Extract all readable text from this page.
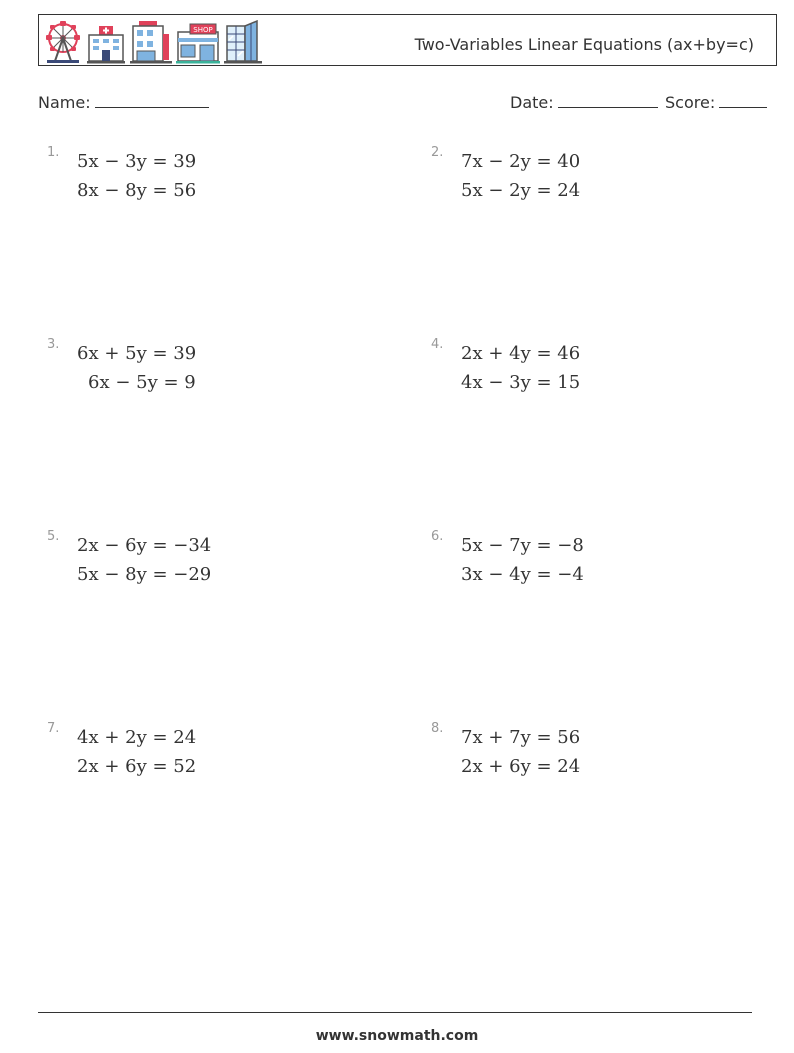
SHOP
Two-Variables Linear Equations (ax+by=c)
Name:	Date:	Score:
1. 5x − 3y = 39
8x − 8y = 56
2. 7x − 2y = 40
5x − 2y = 24
3. 6x + 5y = 39
6x − 5y = 9
4. 2x + 4y = 46
4x − 3y = 15
5. 2x − 6y = −34
5x − 8y = −29
6. 5x − 7y = −8
3x − 4y = −4
7. 4x + 2y = 24
2x + 6y = 52
8. 7x + 7y = 56
2x + 6y = 24
www.snowmath.com
